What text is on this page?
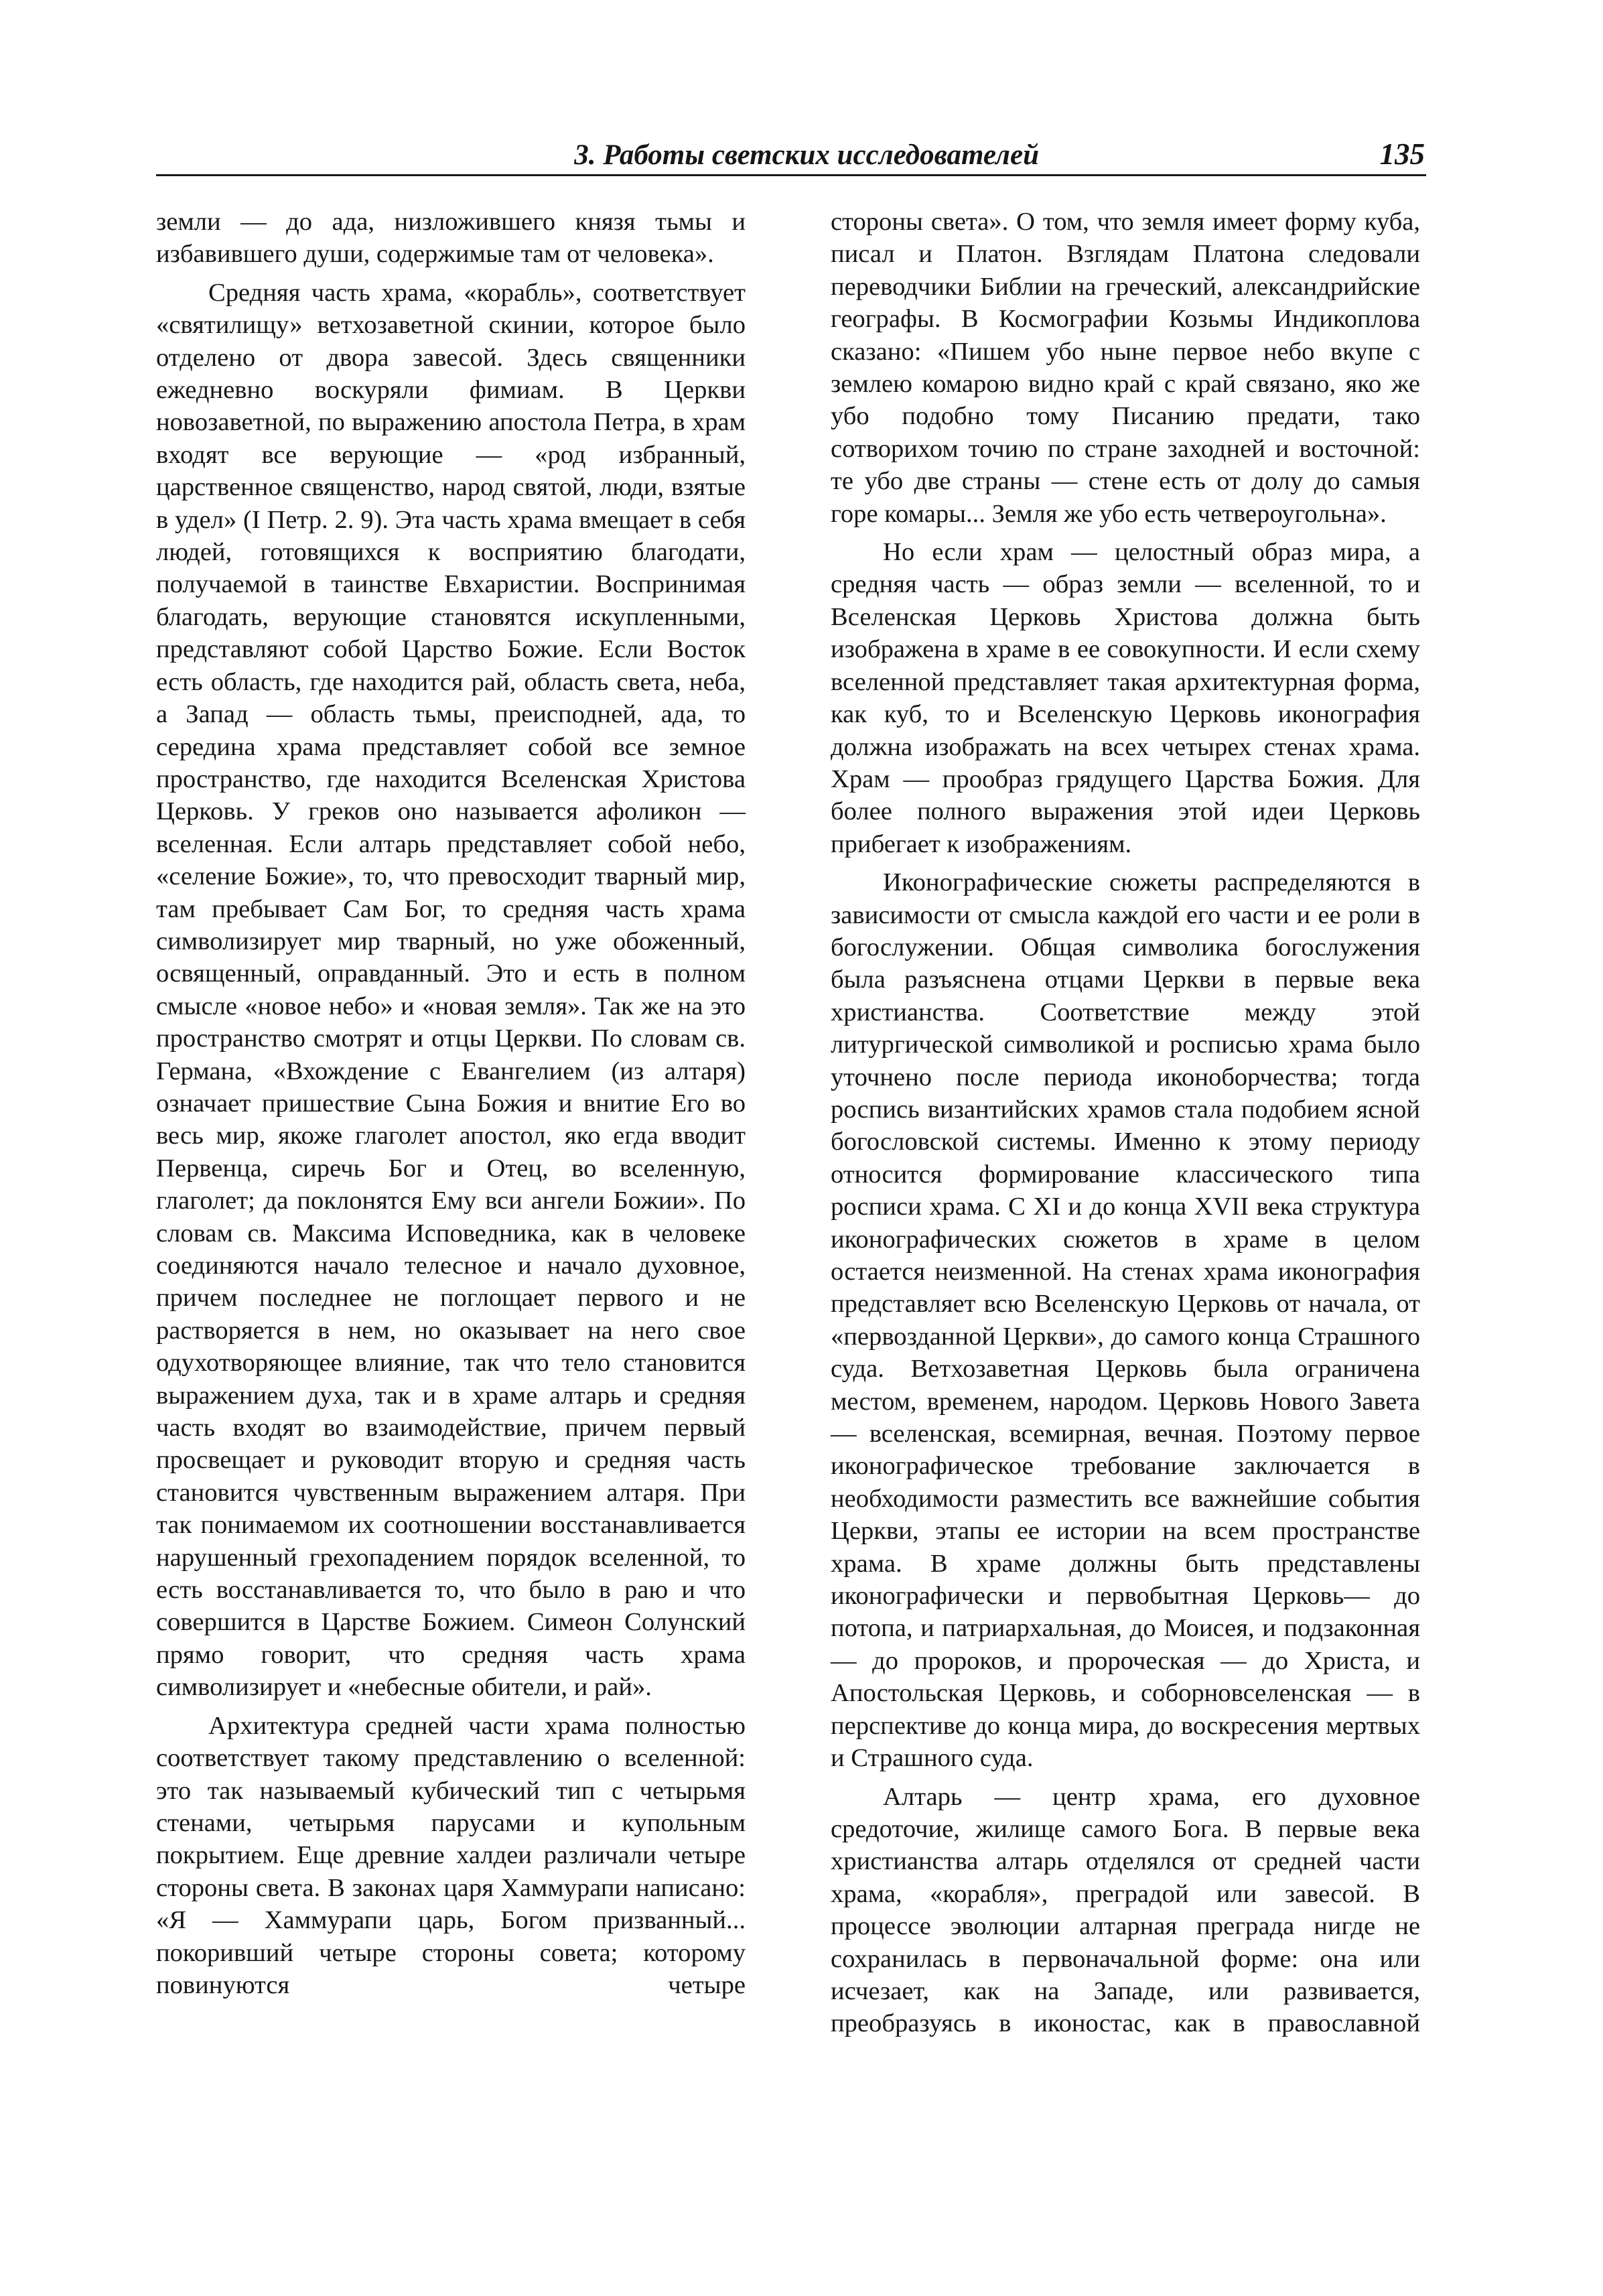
3. Работы светских исследователей	135

земли — до ада, низложившего князя тьмы и избавившего души, содержимые там от человека».

Средняя часть храма, «корабль», соответствует «святилищу» ветхозаветной скинии, которое было отделено от двора завесой. Здесь священники ежедневно воскуряли фимиам. В Церкви новозаветной, по выражению апостола Петра, в храм входят все верующие — «род избранный, царственное священство, народ святой, люди, взятые в удел» (I Петр. 2. 9). Эта часть храма вмещает в себя людей, готовящихся к восприятию благодати, получаемой в таинстве Евхаристии. Воспринимая благодать, верующие становятся искупленными, представляют собой Царство Божие. Если Восток есть область, где находится рай, область света, неба, а Запад — область тьмы, преисподней, ада, то середина храма представляет собой все земное пространство, где находится Вселенская Христова Церковь. У греков оно называется афоликон — вселенная. Если алтарь представляет собой небо, «селение Божие», то, что превосходит тварный мир, там пребывает Сам Бог, то средняя часть храма символизирует мир тварный, но уже обоженный, освященный, оправданный. Это и есть в полном смысле «новое небо» и «новая земля». Так же на это пространство смотрят и отцы Церкви. По словам св. Германа, «Вхождение с Евангелием (из алтаря) означает пришествие Сына Божия и внитие Его во весь мир, якоже глаголет апостол, яко егда вводит Первенца, сиречь Бог и Отец, во вселенную, глаголет; да поклонятся Ему вси ангели Божии». По словам св. Максима Исповедника, как в человеке соединяются начало телесное и начало духовное, причем последнее не поглощает первого и не растворяется в нем, но оказывает на него свое одухотворяющее влияние, так что тело становится выражением духа, так и в храме алтарь и средняя часть входят во взаимодействие, причем первый просвещает и руководит вторую и средняя часть становится чувственным выражением алтаря. При так понимаемом их соотношении восстанавливается нарушенный грехопадением порядок вселенной, то есть восстанавливается то, что было в раю и что совершится в Царстве Божием. Симеон Солунский прямо говорит, что средняя часть храма символизирует и «небесные обители, и рай».

Архитектура средней части храма полностью соответствует такому представлению о вселенной: это так называемый кубический тип с четырьмя стенами, четырьмя парусами и купольным покрытием. Еще древние халдеи различали четыре стороны света. В законах царя Хаммурапи написано: «Я — Хаммурапи царь, Богом призванный... покоривший четыре стороны совета; которому повинуются четыре

стороны света». О том, что земля имеет форму куба, писал и Платон. Взглядам Платона следовали переводчики Библии на греческий, александрийские географы. В Космографии Козьмы Индикоплова сказано: «Пишем убо ныне первое небо вкупе с землею комарою видно край с край связано, яко же убо подобно тому Писанию предати, тако сотворихом точию по стране заходней и восточной: те убо две страны — стене есть от долу до самыя горе комары... Земля же убо есть четвероугольна».

Но если храм — целостный образ мира, а средняя часть — образ земли — вселенной, то и Вселенская Церковь Христова должна быть изображена в храме в ее совокупности. И если схему вселенной представляет такая архитектурная форма, как куб, то и Вселенскую Церковь иконография должна изображать на всех четырех стенах храма. Храм — прообраз грядущего Царства Божия. Для более полного выражения этой идеи Церковь прибегает к изображениям.

Иконографические сюжеты распределяются в зависимости от смысла каждой его части и ее роли в богослужении. Общая символика богослужения была разъяснена отцами Церкви в первые века христианства. Соответствие между этой литургической символикой и росписью храма было уточнено после периода иконоборчества; тогда роспись византийских храмов стала подобием ясной богословской системы. Именно к этому периоду относится формирование классического типа росписи храма. С XI и до конца XVII века структура иконографических сюжетов в храме в целом остается неизменной. На стенах храма иконография представляет всю Вселенскую Церковь от начала, от «первозданной Церкви», до самого конца Страшного суда. Ветхозаветная Церковь была ограничена местом, временем, народом. Церковь Нового Завета — вселенская, всемирная, вечная. Поэтому первое иконографическое требование заключается в необходимости разместить все важнейшие события Церкви, этапы ее истории на всем пространстве храма. В храме должны быть представлены иконографически и первобытная Церковь— до потопа, и патриархальная, до Моисея, и подзаконная — до пророков, и пророческая — до Христа, и Апостольская Церковь, и соборновселенская — в перспективе до конца мира, до воскресения мертвых и Страшного суда.

Алтарь — центр храма, его духовное средоточие, жилище самого Бога. В первые века христианства алтарь отделялся от средней части храма, «корабля», преградой или завесой. В процессе эволюции алтарная преграда нигде не сохранилась в первоначальной форме: она или исчезает, как на Западе, или развивается, преобразуясь в иконостас, как в православной
